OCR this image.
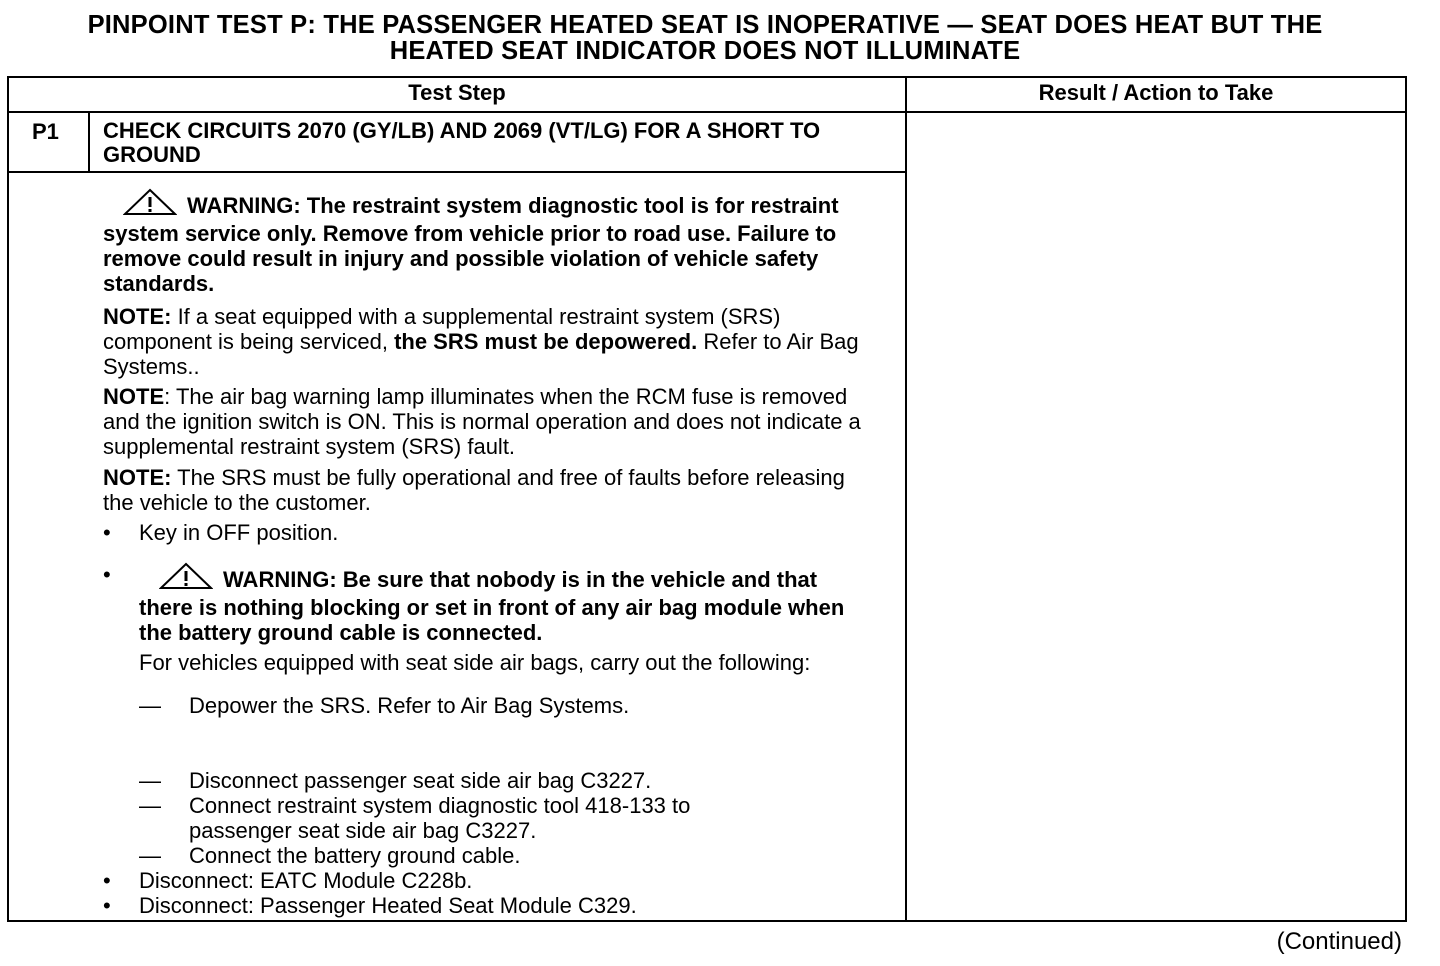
PINPOINT TEST P: THE PASSENGER HEATED SEAT IS INOPERATIVE — SEAT DOES HEAT BUT THE
HEATED SEAT INDICATOR DOES NOT ILLUMINATE
Test Step	Result / Action to Take
P1 CHECK CIRCUITS 2070 (GY/LB) AND 2069 (VT/LG) FOR A SHORT TO GROUND
WARNING: The restraint system diagnostic tool is for restraint system service only. Remove from vehicle prior to road use. Failure to remove could result in injury and possible violation of vehicle safety standards.
NOTE: If a seat equipped with a supplemental restraint system (SRS) component is being serviced, the SRS must be depowered. Refer to Air Bag Systems..
NOTE: The air bag warning lamp illuminates when the RCM fuse is removed and the ignition switch is ON. This is normal operation and does not indicate a supplemental restraint system (SRS) fault.
NOTE: The SRS must be fully operational and free of faults before releasing the vehicle to the customer.
•	Key in OFF position.
•	WARNING: Be sure that nobody is in the vehicle and that there is nothing blocking or set in front of any air bag module when the battery ground cable is connected.
For vehicles equipped with seat side air bags, carry out the following:
—	Depower the SRS. Refer to Air Bag Systems.
—	Disconnect passenger seat side air bag C3227.
—	Connect restraint system diagnostic tool 418-133 to passenger seat side air bag C3227.
—	Connect the battery ground cable.
•	Disconnect: EATC Module C228b.
•	Disconnect: Passenger Heated Seat Module C329.
(Continued)
